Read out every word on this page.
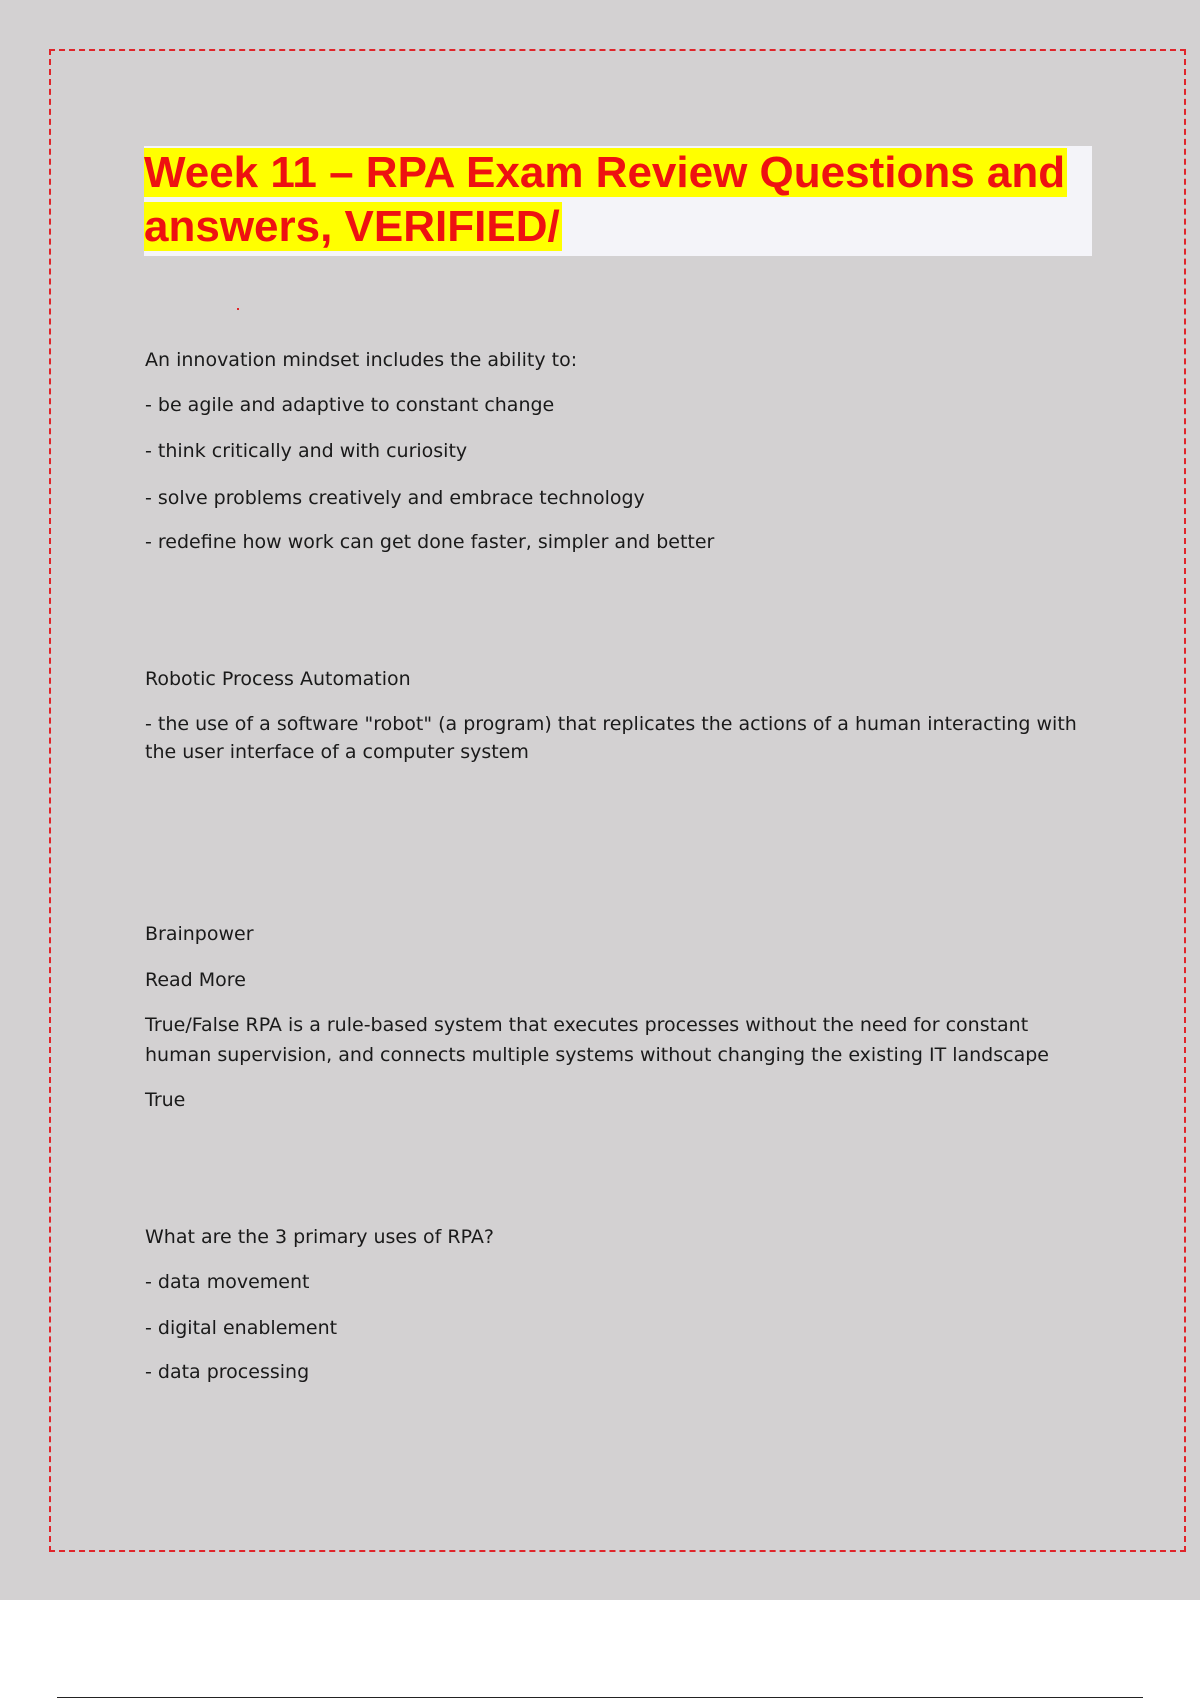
Week 11 – RPA Exam Review Questions and answers, VERIFIED/
An innovation mindset includes the ability to:
- be agile and adaptive to constant change
- think critically and with curiosity
- solve problems creatively and embrace technology
- redefine how work can get done faster, simpler and better
Robotic Process Automation
- the use of a software "robot" (a program) that replicates the actions of a human interacting with the user interface of a computer system
Brainpower
Read More
True/False RPA is a rule-based system that executes processes without the need for constant human supervision, and connects multiple systems without changing the existing IT landscape
True
What are the 3 primary uses of RPA?
- data movement
- digital enablement
- data processing
